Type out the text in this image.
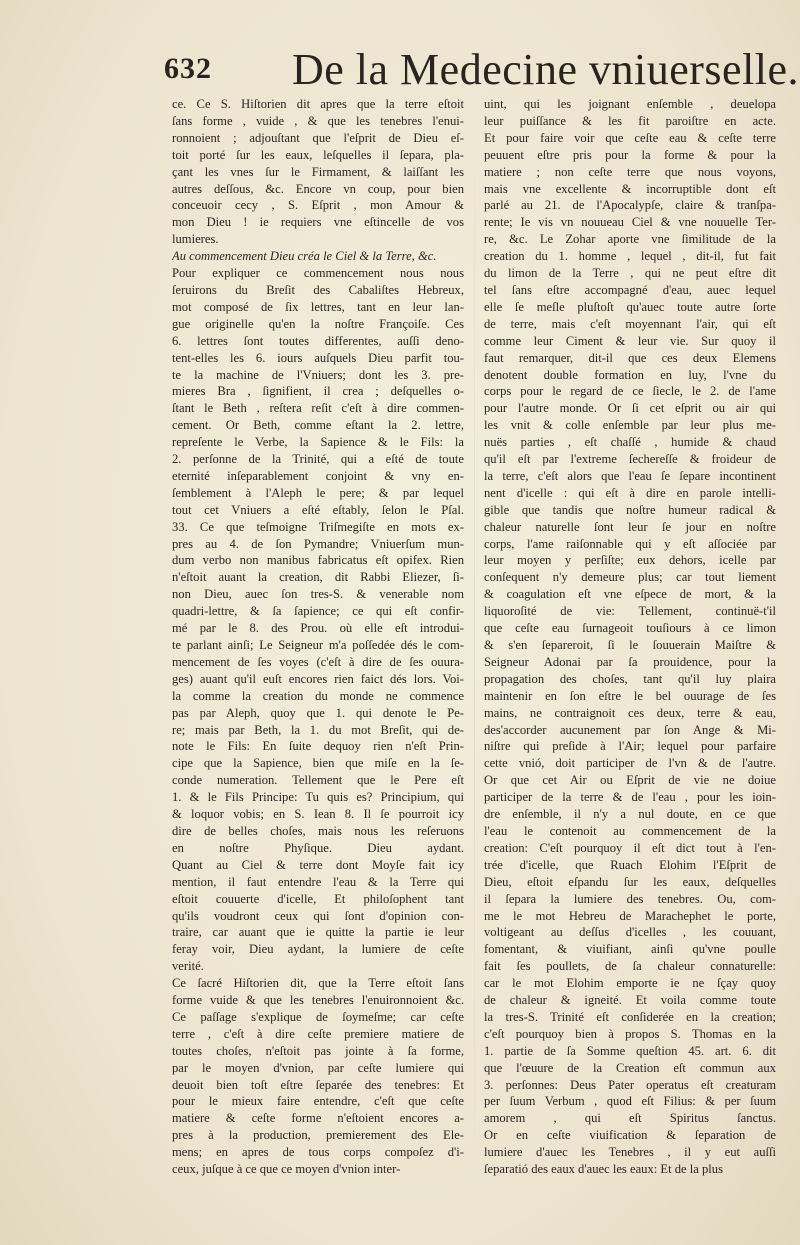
632 De la Medecine vniuerselle.
ce. Ce S. Hiſtorien dit apres que la terre eſtoit
ſans forme , vuide , & que les tenebres l'enui-
ronnoient ; adjouſtant que l'eſprit de Dieu eſ-
toit porté ſur les eaux, leſquelles il ſepara, pla-
çant les vnes ſur le Firmament, & laiſſant les
autres deſſous, &c. Encore vn coup, pour bien
conceuoir cecy , S. Eſprit , mon Amour &
mon Dieu ! ie requiers vne eſtincelle de vos
lumieres.
Au commencement Dieu créa le Ciel & la Terre, &c.
Pour expliquer ce commencement nous nous
ſeruirons du Breſit des Cabaliſtes Hebreux,
mot composé de ſix lettres, tant en leur lan-
gue originelle qu'en la noſtre Françoiſe. Ces
6. lettres ſont toutes differentes, auſſi deno-
tent-elles les 6. iours auſquels Dieu parfit tou-
te la machine de l'Vniuers; dont les 3. pre-
mieres Bra , ſignifient, il crea ; deſquelles o-
ſtant le Beth , reſtera reſit c'eſt à dire commen-
cement. Or Beth, comme eſtant la 2. lettre,
repreſente le Verbe, la Sapience & le Fils: la
2. perſonne de la Trinité, qui a eſté de toute
eternité inſeparablement conjoint & vny en-
ſemblement à l'Aleph le pere; & par lequel
tout cet Vniuers a eſté eſtably, ſelon le Pſal.
33. Ce que teſmoigne Triſmegiſte en mots ex-
pres au 4. de ſon Pymandre; Vniuerſum mun-
dum verbo non manibus fabricatus eſt opifex. Rien
n'eſtoit auant la creation, dit Rabbi Eliezer, ſi-
non Dieu, auec ſon tres-S. & venerable nom
quadri-lettre, & ſa ſapience; ce qui eſt confir-
mé par le 8. des Prou. où elle eſt introdui-
te parlant ainſi; Le Seigneur m'a poſſedée dés le com-
mencement de ſes voyes (c'eſt à dire de ſes ouura-
ges) auant qu'il euſt encores rien faict dés lors. Voi-
la comme la creation du monde ne commence
pas par Aleph, quoy que 1. qui denote le Pe-
re; mais par Beth, la 1. du mot Breſit, qui de-
note le Fils: En ſuite dequoy rien n'eſt Prin-
cipe que la Sapience, bien que miſe en la ſe-
conde numeration. Tellement que le Pere eſt
1. & le Fils Principe: Tu quis es? Principium, qui
& loquor vobis; en S. Iean 8. Il ſe pourroit icy
dire de belles choſes, mais nous les reſeruons
en noſtre Phyſique. Dieu aydant.
Quant au Ciel & terre dont Moyſe fait icy
mention, il faut entendre l'eau & la Terre qui
eſtoit couuerte d'icelle, Et philoſophent tant
qu'ils voudront ceux qui ſont d'opinion con-
traire, car auant que ie quitte la partie ie leur
feray voir, Dieu aydant, la lumiere de ceſte
verité.
Ce ſacré Hiſtorien dit, que la Terre eſtoit ſans
forme vuide & que les tenebres l'enuironnoient &c.
Ce paſſage s'explique de ſoymeſme; car ceſte
terre , c'eſt à dire ceſte premiere matiere de
toutes choſes, n'eſtoit pas jointe à ſa forme,
par le moyen d'vnion, par ceſte lumiere qui
deuoit bien toſt eſtre ſeparée des tenebres: Et
pour le mieux faire entendre, c'eſt que ceſte
matiere & ceſte forme n'eſtoient encores a-
pres à la production, premierement des Ele-
mens; en apres de tous corps compoſez d'i-
ceux, juſque à ce que ce moyen d'vnion inter-
uint, qui les joignant enſemble , deuelopa
leur puiſſance & les fit paroiſtre en acte.
Et pour faire voir que ceſte eau & ceſte terre
peuuent eſtre pris pour la forme & pour la
matiere ; non ceſte terre que nous voyons,
mais vne excellente & incorruptible dont eſt
parlé au 21. de l'Apocalypſe, claire & tranſpa-
rente; Ie vis vn nouueau Ciel & vne nouuelle Ter-
re, &c. Le Zohar aporte vne ſimilitude de la
creation du 1. homme , lequel , dit-il, fut fait
du limon de la Terre , qui ne peut eſtre dit
tel ſans eſtre accompagné d'eau, auec lequel
elle ſe meſle pluſtoſt qu'auec toute autre ſorte
de terre, mais c'eſt moyennant l'air, qui eſt
comme leur Ciment & leur vie. Sur quoy il
faut remarquer, dit-il que ces deux Elemens
denotent double formation en luy, l'vne du
corps pour le regard de ce ſiecle, le 2. de l'ame
pour l'autre monde. Or ſi cet eſprit ou air qui
les vnit & colle enſemble par leur plus me-
nuës parties , eſt chaſſé , humide & chaud
qu'il eſt par l'extreme ſechereſſe & froideur de
la terre, c'eſt alors que l'eau ſe ſepare incontinent
nent d'icelle : qui eſt à dire en parole intelli-
gible que tandis que noſtre humeur radical &
chaleur naturelle ſont leur ſe jour en noſtre
corps, l'ame raiſonnable qui y eſt aſſociée par
leur moyen y perſiſte; eux dehors, icelle par
conſequent n'y demeure plus; car tout liement
& coagulation eſt vne eſpece de mort, & la
liquoroſité de vie: Tellement, continuë-t'il
que ceſte eau ſurnageoit touſiours à ce limon
& s'en ſepareroit, ſi le ſouuerain Maiſtre &
Seigneur Adonai par ſa prouidence, pour la
propagation des choſes, tant qu'il luy plaira
maintenir en ſon eſtre le bel ouurage de ſes
mains, ne contraignoit ces deux, terre & eau,
des'accorder aucunement par ſon Ange & Mi-
niſtre qui preſide à l'Air; lequel pour parfaire
cette vnió, doit participer de l'vn & de l'autre.
Or que cet Air ou Eſprit de vie ne doiue
participer de la terre & de l'eau , pour les ioin-
dre enſemble, il n'y a nul doute, en ce que
l'eau le contenoit au commencement de la
creation: C'eſt pourquoy il eſt dict tout à l'en-
trée d'icelle, que Ruach Elohim l'Eſprit de
Dieu, eſtoit eſpandu ſur les eaux, deſquelles
il ſepara la lumiere des tenebres. Ou, com-
me le mot Hebreu de Marachephet le porte,
voltigeant au deſſus d'icelles , les couuant,
fomentant, & viuifiant, ainſi qu'vne poulle
fait ſes poullets, de ſa chaleur connaturelle:
car le mot Elohim emporte ie ne ſçay quoy
de chaleur & igneité. Et voila comme toute
la tres-S. Trinité eſt conſiderée en la creation;
c'eſt pourquoy bien à propos S. Thomas en la
1. partie de ſa Somme queſtion 45. art. 6. dit
que l'œuure de la Creation eſt commun aux
3. perſonnes: Deus Pater operatus eſt creaturam
per ſuum Verbum , quod eſt Filius: & per ſuum
amorem , qui eſt Spiritus ſanctus.
Or en ceſte viuification & ſeparation de
lumiere d'auec les Tenebres , il y eut auſſi
ſeparatió des eaux d'auec les eaux: Et de la plus
